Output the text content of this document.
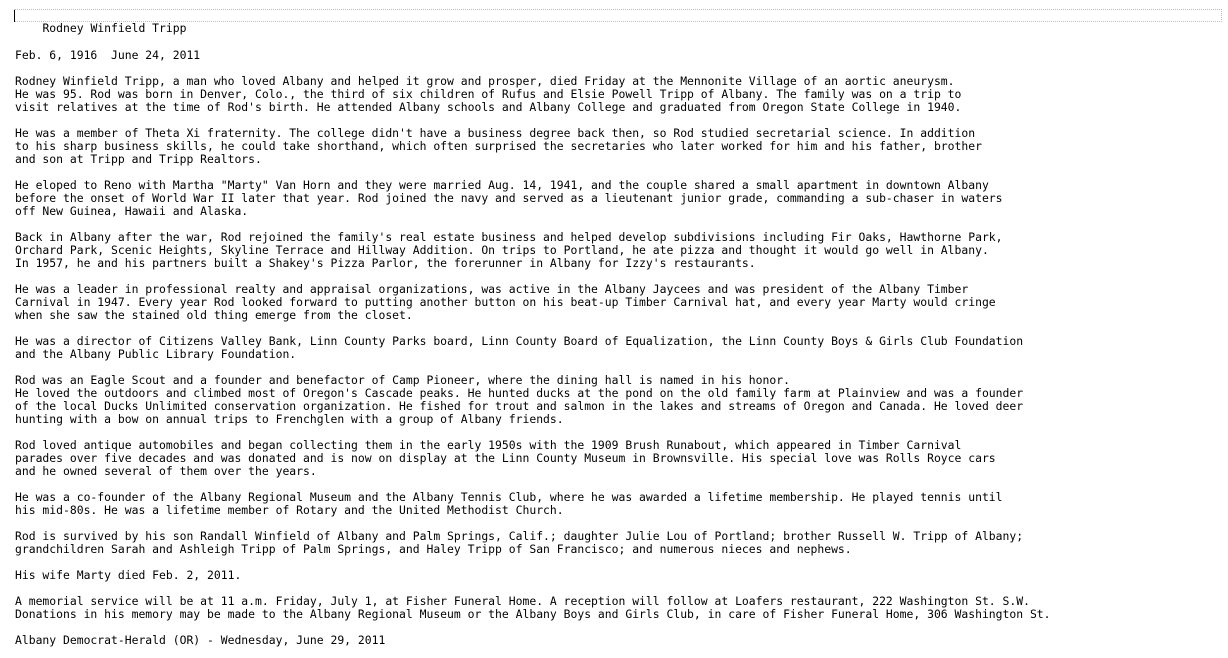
Rodney Winfield Tripp

Feb. 6, 1916  June 24, 2011
Rodney Winfield Tripp, a man who loved Albany and helped it grow and prosper, died Friday at the Mennonite Village of an aortic aneurysm.
He was 95. Rod was born in Denver, Colo., the third of six children of Rufus and Elsie Powell Tripp of Albany. The family was on a trip to
visit relatives at the time of Rod's birth. He attended Albany schools and Albany College and graduated from Oregon State College in 1940.
He was a member of Theta Xi fraternity. The college didn't have a business degree back then, so Rod studied secretarial science. In addition
to his sharp business skills, he could take shorthand, which often surprised the secretaries who later worked for him and his father, brother
and son at Tripp and Tripp Realtors.
He eloped to Reno with Martha "Marty" Van Horn and they were married Aug. 14, 1941, and the couple shared a small apartment in downtown Albany
before the onset of World War II later that year. Rod joined the navy and served as a lieutenant junior grade, commanding a sub-chaser in waters
off New Guinea, Hawaii and Alaska.
Back in Albany after the war, Rod rejoined the family's real estate business and helped develop subdivisions including Fir Oaks, Hawthorne Park,
Orchard Park, Scenic Heights, Skyline Terrace and Hillway Addition. On trips to Portland, he ate pizza and thought it would go well in Albany.
In 1957, he and his partners built a Shakey's Pizza Parlor, the forerunner in Albany for Izzy's restaurants.
He was a leader in professional realty and appraisal organizations, was active in the Albany Jaycees and was president of the Albany Timber
Carnival in 1947. Every year Rod looked forward to putting another button on his beat-up Timber Carnival hat, and every year Marty would cringe
when she saw the stained old thing emerge from the closet.
He was a director of Citizens Valley Bank, Linn County Parks board, Linn County Board of Equalization, the Linn County Boys & Girls Club Foundation
and the Albany Public Library Foundation.
Rod was an Eagle Scout and a founder and benefactor of Camp Pioneer, where the dining hall is named in his honor.
He loved the outdoors and climbed most of Oregon's Cascade peaks. He hunted ducks at the pond on the old family farm at Plainview and was a founder
of the local Ducks Unlimited conservation organization. He fished for trout and salmon in the lakes and streams of Oregon and Canada. He loved deer
hunting with a bow on annual trips to Frenchglen with a group of Albany friends.
Rod loved antique automobiles and began collecting them in the early 1950s with the 1909 Brush Runabout, which appeared in Timber Carnival
parades over five decades and was donated and is now on display at the Linn County Museum in Brownsville. His special love was Rolls Royce cars
and he owned several of them over the years.
He was a co-founder of the Albany Regional Museum and the Albany Tennis Club, where he was awarded a lifetime membership. He played tennis until
his mid-80s. He was a lifetime member of Rotary and the United Methodist Church.
Rod is survived by his son Randall Winfield of Albany and Palm Springs, Calif.; daughter Julie Lou of Portland; brother Russell W. Tripp of Albany;
grandchildren Sarah and Ashleigh Tripp of Palm Springs, and Haley Tripp of San Francisco; and numerous nieces and nephews.
His wife Marty died Feb. 2, 2011.
A memorial service will be at 11 a.m. Friday, July 1, at Fisher Funeral Home. A reception will follow at Loafers restaurant, 222 Washington St. S.W.
Donations in his memory may be made to the Albany Regional Museum or the Albany Boys and Girls Club, in care of Fisher Funeral Home, 306 Washington St.
Albany Democrat-Herald (OR) - Wednesday, June 29, 2011
